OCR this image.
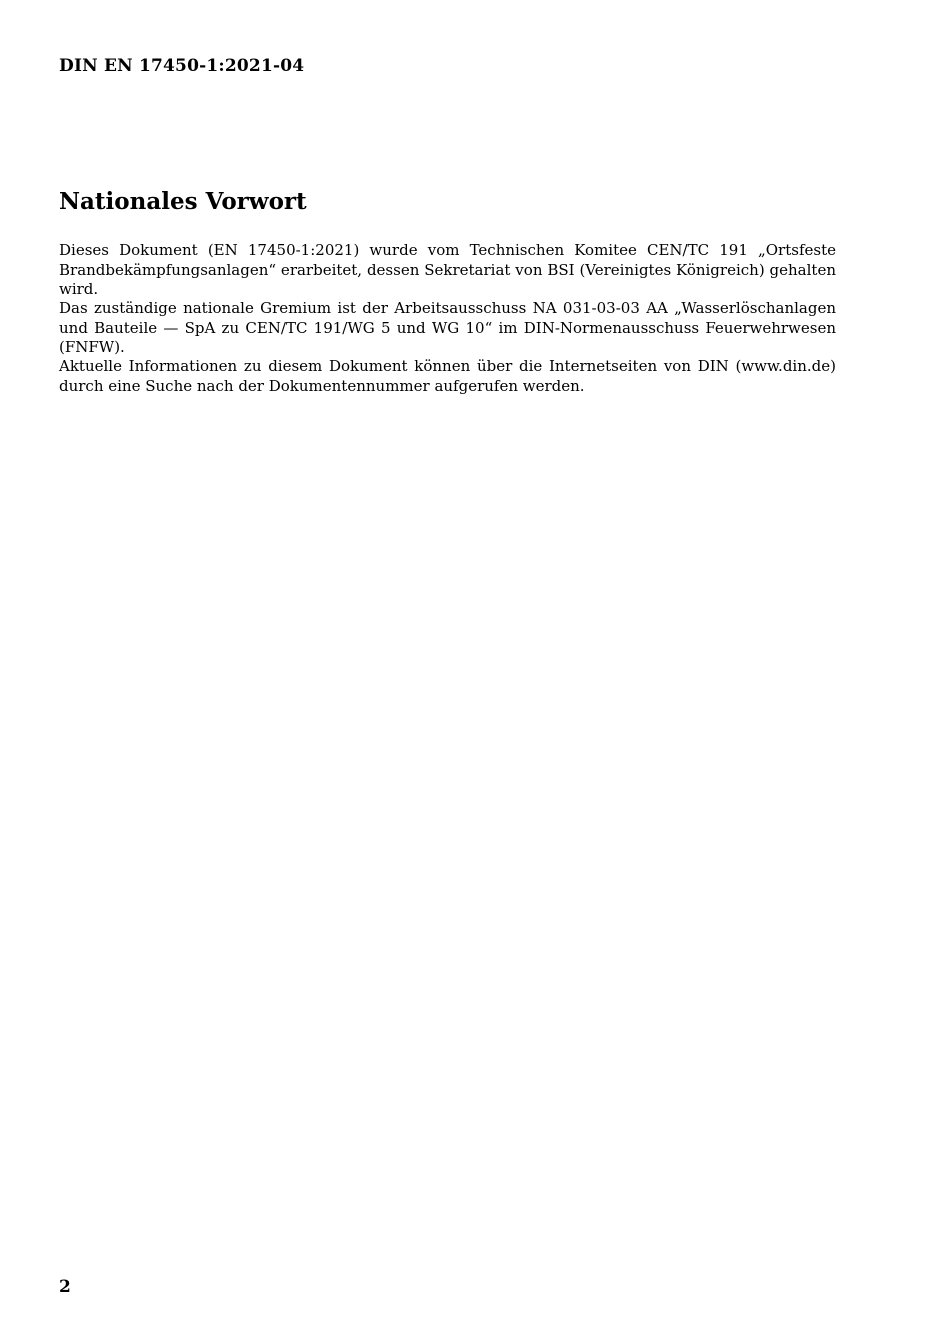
DIN EN 17450-1:2021-04
Nationales Vorwort

Dieses Dokument (EN 17450-1:2021) wurde vom Technischen Komitee CEN/TC 191 „Ortsfeste Brandbekämpfungsanlagen“ erarbeitet, dessen Sekretariat von BSI (Vereinigtes Königreich) gehalten wird.

Das zuständige nationale Gremium ist der Arbeitsausschuss NA 031-03-03 AA „Wasserlöschanlagen und Bauteile — SpA zu CEN/TC 191/WG 5 und WG 10“ im DIN-Normenausschuss Feuerwehrwesen (FNFW).

Aktuelle Informationen zu diesem Dokument können über die Internetseiten von DIN (www.din.de) durch eine Suche nach der Dokumentennummer aufgerufen werden.

2
